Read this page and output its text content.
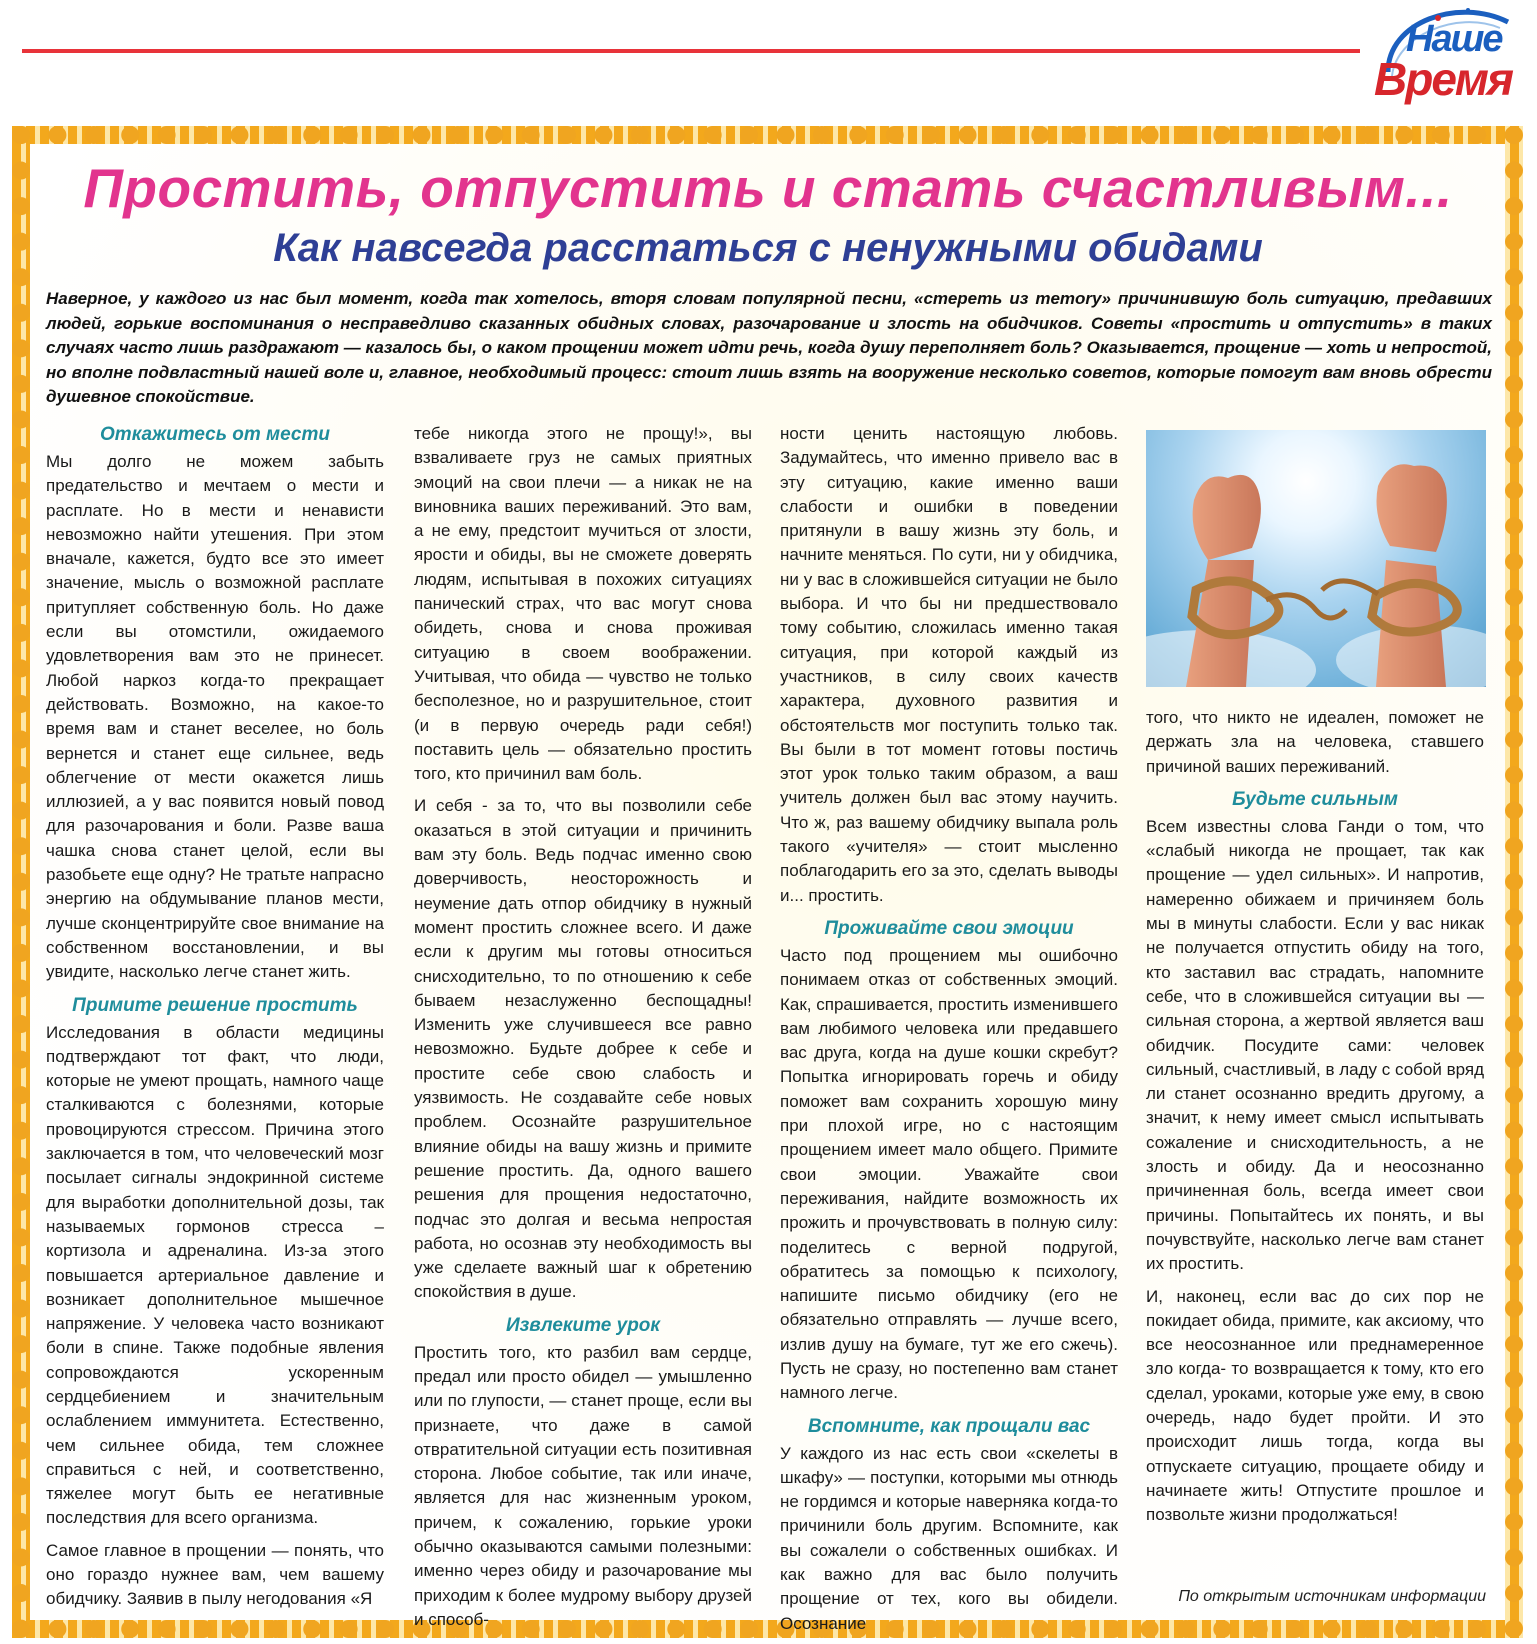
Наше
Время
Простить, отпустить и стать счастливым...
Как навсегда расстаться с ненужными обидами

Наверное, у каждого из нас был момент, когда так хотелось, вторя словам популярной песни, «стереть из memory» причинившую боль ситуацию, предавших людей, горькие воспоминания о несправедливо сказанных обидных словах, разочарование и злость на обидчиков. Советы «простить и отпустить» в таких случаях часто лишь раздражают — казалось бы, о каком прощении может идти речь, когда душу переполняет боль? Оказывается, прощение — хоть и непростой, но вполне подвластный нашей воле и, главное, необходимый процесс: стоит лишь взять на вооружение несколько советов, которые помогут вам вновь обрести душевное спокойствие.

Откажитесь от мести

Мы долго не можем забыть предательство и мечтаем о мести и расплате. Но в мести и ненависти невозможно найти утешения. При этом вначале, кажется, будто все это имеет значение, мысль о возможной расплате притупляет собственную боль. Но даже если вы отомстили, ожидаемого удовлетворения вам это не принесет. Любой наркоз когда-то прекращает действовать. Возможно, на какое-то время вам и станет веселее, но боль вернется и станет еще сильнее, ведь облегчение от мести окажется лишь иллюзией, а у вас появится новый повод для разочарования и боли. Разве ваша чашка снова станет целой, если вы разобьете еще одну? Не тратьте напрасно энергию на обдумывание планов мести, лучше сконцентрируйте свое внимание на собственном восстановлении, и вы увидите, насколько легче станет жить.

Примите решение простить

Исследования в области медицины подтверждают тот факт, что люди, которые не умеют прощать, намного чаще сталкиваются с болезнями, которые провоцируются стрессом. Причина этого заключается в том, что человеческий мозг посылает сигналы эндокринной системе для выработки дополнительной дозы, так называемых гормонов стресса – кортизола и адреналина. Из-за этого повышается артериальное давление и возникает дополнительное мышечное напряжение. У человека часто возникают боли в спине. Также подобные явления сопровождаются ускоренным сердцебиением и значительным ослаблением иммунитета. Естественно, чем сильнее обида, тем сложнее справиться с ней, и соответственно, тяжелее могут быть ее негативные последствия для всего организма.

Самое главное в прощении — понять, что оно гораздо нужнее вам, чем вашему обидчику. Заявив в пылу негодования «Я

тебе никогда этого не прощу!», вы взваливаете груз не самых приятных эмоций на свои плечи — а никак не на виновника ваших переживаний. Это вам, а не ему, предстоит мучиться от злости, ярости и обиды, вы не сможете доверять людям, испытывая в похожих ситуациях панический страх, что вас могут снова обидеть, снова и снова проживая ситуацию в своем воображении. Учитывая, что обида — чувство не только бесполезное, но и разрушительное, стоит (и в первую очередь ради себя!) поставить цель — обязательно простить того, кто причинил вам боль.

И себя - за то, что вы позволили себе оказаться в этой ситуации и причинить вам эту боль. Ведь подчас именно свою доверчивость, неосторожность и неумение дать отпор обидчику в нужный момент простить сложнее всего. И даже если к другим мы готовы относиться снисходительно, то по отношению к себе бываем незаслуженно беспощадны! Изменить уже случившееся все равно невозможно. Будьте добрее к себе и простите себе свою слабость и уязвимость. Не создавайте себе новых проблем. Осознайте разрушительное влияние обиды на вашу жизнь и примите решение простить. Да, одного вашего решения для прощения недостаточно, подчас это долгая и весьма непростая работа, но осознав эту необходимость вы уже сделаете важный шаг к обретению спокойствия в душе.

Извлеките урок

Простить того, кто разбил вам сердце, предал или просто обидел — умышленно или по глупости, — станет проще, если вы признаете, что даже в самой отвратительной ситуации есть позитивная сторона. Любое событие, так или иначе, является для нас жизненным уроком, причем, к сожалению, горькие уроки обычно оказываются самыми полезными: именно через обиду и разочарование мы приходим к более мудрому выбору друзей и способ-

ности ценить настоящую любовь. Задумайтесь, что именно привело вас в эту ситуацию, какие именно ваши слабости и ошибки в поведении притянули в вашу жизнь эту боль, и начните меняться. По сути, ни у обидчика, ни у вас в сложившейся ситуации не было выбора. И что бы ни предшествовало тому событию, сложилась именно такая ситуация, при которой каждый из участников, в силу своих качеств характера, духовного развития и обстоятельств мог поступить только так. Вы были в тот момент готовы постичь этот урок только таким образом, а ваш учитель должен был вас этому научить. Что ж, раз вашему обидчику выпала роль такого «учителя» — стоит мысленно поблагодарить его за это, сделать выводы и... простить.

Проживайте свои эмоции

Часто под прощением мы ошибочно понимаем отказ от собственных эмоций. Как, спрашивается, простить изменившего вам любимого человека или предавшего вас друга, когда на душе кошки скребут? Попытка игнорировать горечь и обиду поможет вам сохранить хорошую мину при плохой игре, но с настоящим прощением имеет мало общего. Примите свои эмоции. Уважайте свои переживания, найдите возможность их прожить и прочувствовать в полную силу: поделитесь с верной подругой, обратитесь за помощью к психологу, напишите письмо обидчику (его не обязательно отправлять — лучше всего, излив душу на бумаге, тут же его сжечь). Пусть не сразу, но постепенно вам станет намного легче.

Вспомните, как прощали вас

У каждого из нас есть свои «скелеты в шкафу» — поступки, которыми мы отнюдь не гордимся и которые наверняка когда-то причинили боль другим. Вспомните, как вы сожалели о собственных ошибках. И как важно для вас было получить прощение от тех, кого вы обидели. Осознание

того, что никто не идеален, поможет не держать зла на человека, ставшего причиной ваших переживаний.

Будьте сильным

Всем известны слова Ганди о том, что «слабый никогда не прощает, так как прощение — удел сильных». И напротив, намеренно обижаем и причиняем боль мы в минуты слабости. Если у вас никак не получается отпустить обиду на того, кто заставил вас страдать, напомните себе, что в сложившейся ситуации вы — сильная сторона, а жертвой является ваш обидчик. Посудите сами: человек сильный, счастливый, в ладу с собой вряд ли станет осознанно вредить другому, а значит, к нему имеет смысл испытывать сожаление и снисходительность, а не злость и обиду. Да и неосознанно причиненная боль, всегда имеет свои причины. Попытайтесь их понять, и вы почувствуйте, насколько легче вам станет их простить.

И, наконец, если вас до сих пор не покидает обида, примите, как аксиому, что все неосознанное или преднамеренное зло когда- то возвращается к тому, кто его сделал, уроками, которые уже ему, в свою очередь, надо будет пройти. И это происходит лишь тогда, когда вы отпускаете ситуацию, прощаете обиду и начинаете жить! Отпустите прошлое и позвольте жизни продолжаться!

По открытым источникам информации
